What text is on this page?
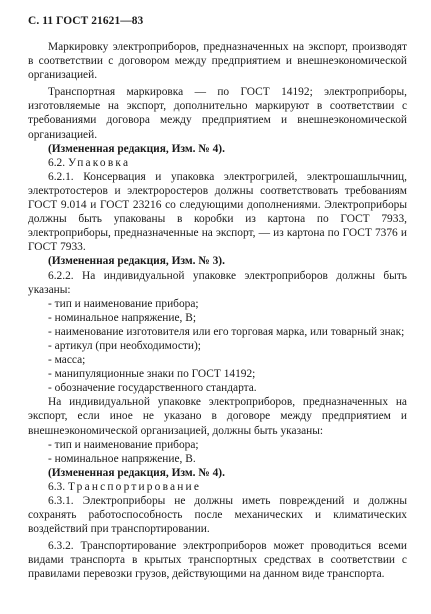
С. 11 ГОСТ 21621—83

Маркировку электроприборов, предназначенных на экспорт, производят в соответствии с договором между предприятием и внешнеэкономической организацией.

Транспортная маркировка — по ГОСТ 14192; электроприборы, изготовляемые на экспорт, дополнительно маркируют в соответствии с требованиями договора между предприятием и внешнеэкономической организацией.

(Измененная редакция, Изм. № 4).

6.2. Упаковка

6.2.1. Консервация и упаковка электрогрилей, электрошашлычниц, электротостеров и электроростеров должны соответствовать требованиям ГОСТ 9.014 и ГОСТ 23216 со следующими дополнениями. Электроприборы должны быть упакованы в коробки из картона по ГОСТ 7933, электроприборы, предназначенные на экспорт, — из картона по ГОСТ 7376 и ГОСТ 7933.

(Измененная редакция, Изм. № 3).

6.2.2. На индивидуальной упаковке электроприборов должны быть указаны:

- тип и наименование прибора;

- номинальное напряжение, В;

- наименование изготовителя или его торговая марка, или товарный знак;

- артикул (при необходимости);

- масса;

- манипуляционные знаки по ГОСТ 14192;

- обозначение государственного стандарта.

На индивидуальной упаковке электроприборов, предназначенных на экспорт, если иное не указано в договоре между предприятием и внешнеэкономической организацией, должны быть указаны:

- тип и наименование прибора;

- номинальное напряжение, В.

(Измененная редакция, Изм. № 4).

6.3. Транспортирование

6.3.1. Электроприборы не должны иметь повреждений и должны сохранять работоспособность после механических и климатических воздействий при транспортировании.

6.3.2. Транспортирование электроприборов может проводиться всеми видами транспорта в крытых транспортных средствах в соответствии с правилами перевозки грузов, действующими на данном виде транспорта.
